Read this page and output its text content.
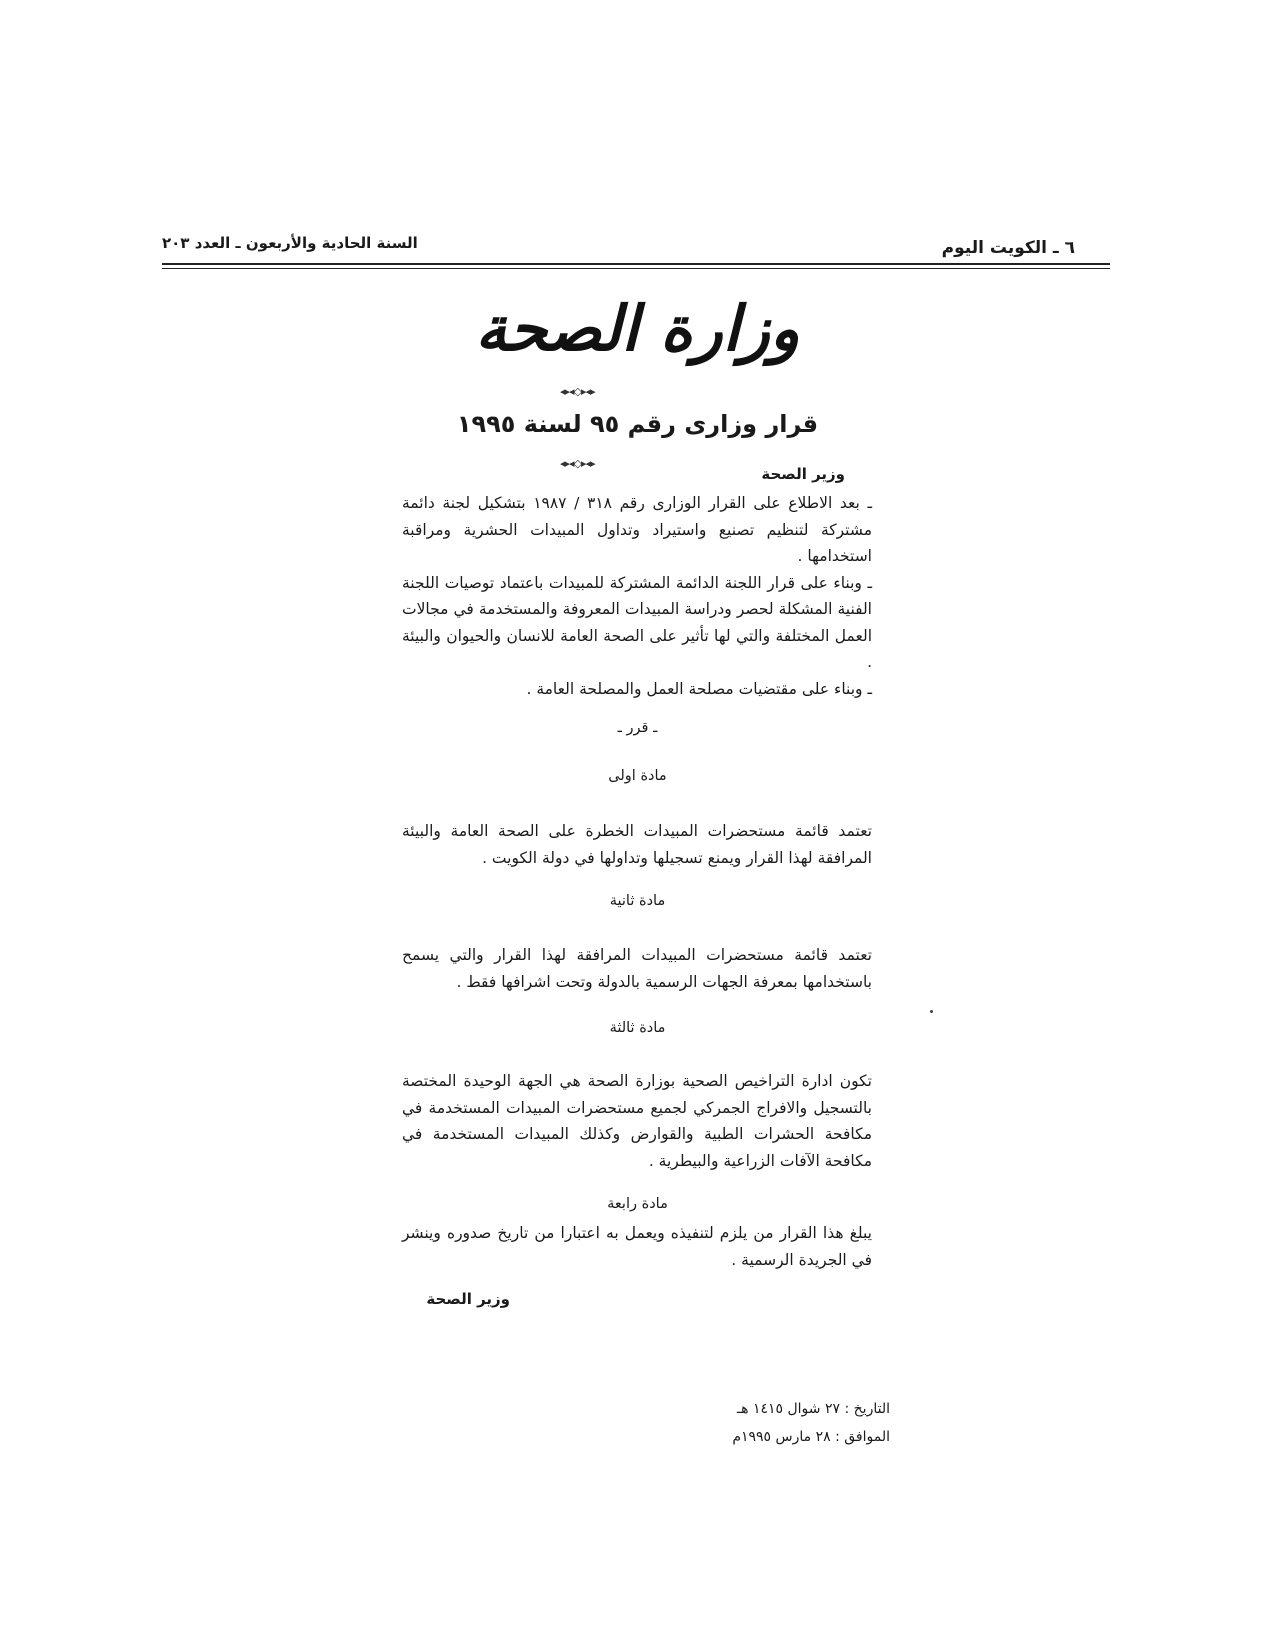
٦ ـ الكويت اليوم
السنة الحادية والأربعون ـ العدد ٢٠٣
وزارة الصحة
◂▸◂◇▸◂▸
قرار وزارى رقم ٩٥ لسنة ١٩٩٥
◂▸◂◇▸◂▸
وزير الصحة

ـ بعد الاطلاع على القرار الوزارى رقم ٣١٨ / ١٩٨٧ بتشكيل لجنة دائمة مشتركة لتنظيم تصنيع واستيراد وتداول المبيدات الحشرية ومراقبة استخدامها .

ـ وبناء على قرار اللجنة الدائمة المشتركة للمبيدات باعتماد توصيات اللجنة الفنية المشكلة لحصر ودراسة المبيدات المعروفة والمستخدمة في مجالات العمل المختلفة والتي لها تأثير على الصحة العامة للانسان والحيوان والبيئة .

ـ وبناء على مقتضيات مصلحة العمل والمصلحة العامة .

ـ قرر ـ
مادة اولى
تعتمد قائمة مستحضرات المبيدات الخطرة على الصحة العامة والبيئة المرافقة لهذا القرار ويمنع تسجيلها وتداولها في دولة الكويت .
مادة ثانية
تعتمد قائمة مستحضرات المبيدات المرافقة لهذا القرار والتي يسمح باستخدامها بمعرفة الجهات الرسمية بالدولة وتحت اشرافها فقط .
مادة ثالثة
تكون ادارة التراخيص الصحية بوزارة الصحة هي الجهة الوحيدة المختصة بالتسجيل والافراج الجمركي لجميع مستحضرات المبيدات المستخدمة في مكافحة الحشرات الطبية والقوارض وكذلك المبيدات المستخدمة في مكافحة الآفات الزراعية والبيطرية .
مادة رابعة
يبلغ هذا القرار من يلزم لتنفيذه ويعمل به اعتبارا من تاريخ صدوره وينشر في الجريدة الرسمية .
وزير الصحة
التاريخ : ٢٧ شوال ١٤١٥ هـ
الموافق : ٢٨ مارس ١٩٩٥م
